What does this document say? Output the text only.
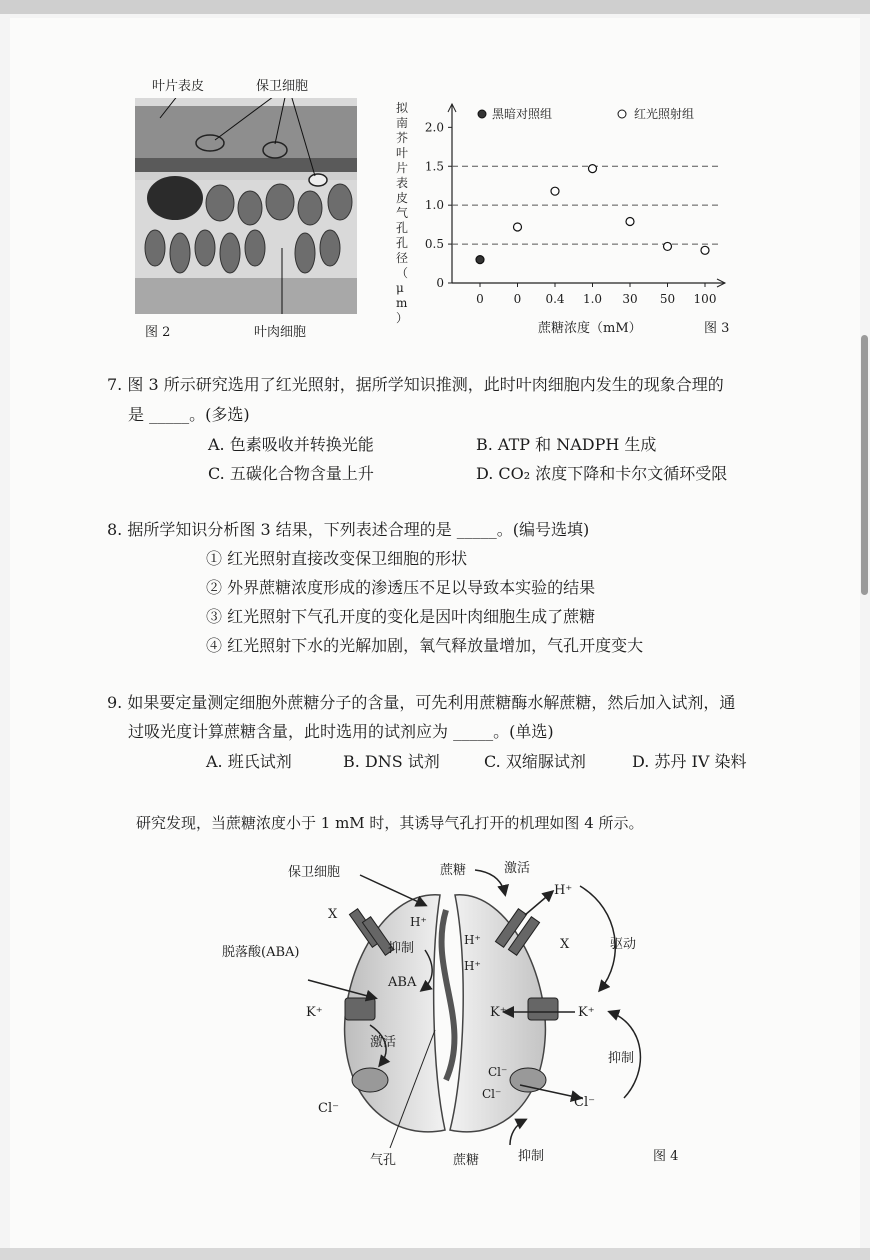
叶片表皮	保卫细胞
图 2	叶肉细胞
黑暗对照组	红光照射组
0
0.5
1.0
1.5
2.0
0 0 0.4 1.0 30 50 100
蔗糖浓度（mM）	图 3
拟
南
芥
叶
片
表
皮
气
孔
孔
径
（
μ
m
）
7. 图 3 所示研究选用了红光照射，据所学知识推测，此时叶肉细胞内发生的现象合理的
是 _____。(多选)
A. 色素吸收并转换光能	B. ATP 和 NADPH 生成
C. 五碳化合物含量上升	D. CO₂ 浓度下降和卡尔文循环受限
8. 据所学知识分析图 3 结果，下列表述合理的是 _____。(编号选填)
① 红光照射直接改变保卫细胞的形状
② 外界蔗糖浓度形成的渗透压不足以导致本实验的结果
③ 红光照射下气孔开度的变化是因叶肉细胞生成了蔗糖
④ 红光照射下水的光解加剧，氧气释放量增加，气孔开度变大
9. 如果要定量测定细胞外蔗糖分子的含量，可先利用蔗糖酶水解蔗糖，然后加入试剂，通
过吸光度计算蔗糖含量，此时选用的试剂应为 _____。(单选)
A. 班氏试剂	B. DNS 试剂	C. 双缩脲试剂	D. 苏丹 IV 染料
研究发现，当蔗糖浓度小于 1 mM 时，其诱导气孔打开的机理如图 4 所示。
保卫细胞	蔗糖	激活
H⁺
X	H⁺
脱落酸(ABA)	抑制
ABA
K⁺
激活
Cl⁻
H⁺
H⁺
X	驱动
K⁺	K⁺
抑制
Cl⁻
Cl⁻
Cl⁻
气孔	蔗糖	抑制	图 4
